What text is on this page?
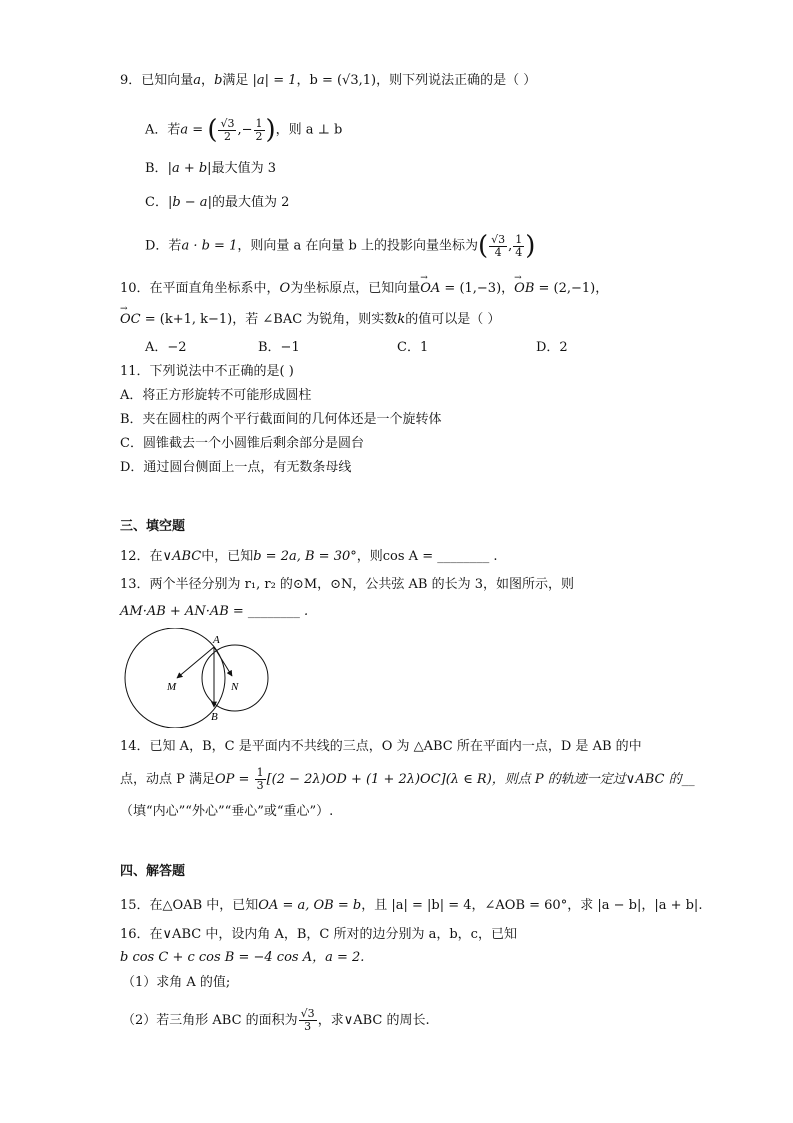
9．已知向量a，b满足 |a| = 1，b = (√3,1)，则下列说法正确的是（ ）
A．若a = ( $\frac{√3}{2}$ ,− $\frac{1}{2}$ )，则 a ⊥ b
B．|a + b|最大值为 3
C．|b − a|的最大值为 2
D．若a · b = 1，则向量 a 在向量 b 上的投影向量坐标为( $\frac{√3}{4}$ , $\frac{1}{4}$ )
10．在平面直角坐标系中，O为坐标原点，已知向量→ OA = (1,−3)，→ OB = (2,−1)，
→ OC = (k+1, k−1)，若 ∠BAC 为锐角，则实数k的值可以是（ ）
A．−2	B．−1	C．1	D．2
11．下列说法中不正确的是( )
A．将正方形旋转不可能形成圆柱
B．夹在圆柱的两个平行截面间的几何体还是一个旋转体
C．圆锥截去一个小圆锥后剩余部分是圆台
D．通过圆台侧面上一点，有无数条母线
三、填空题
12．在∨ABC中，已知b = 2a, B = 30°，则cos A = ________ .
13．两个半径分别为 r₁, r₂ 的⊙M，⊙N，公共弦 AB 的长为 3，如图所示，则
AM·AB + AN·AB = ________ .
A
B
M	N
14．已知 A，B，C 是平面内不共线的三点，O 为 △ABC 所在平面内一点，D 是 AB 的中
点，动点 P 满足OP = $\frac{1}{3} [(2 - 2\lambda)OD + (1 + 2\lambda)OC](\lambda$ ∈ R)，则点 P 的轨迹一定过∨ABC 的__
（填“内心”“外心”“垂心”或“重心”）.
四、解答题
15．在△OAB 中，已知OA = a, OB = b，且 |a| = |b| = 4，∠AOB = 60°，求 |a − b|，|a + b|.
16．在∨ABC 中，设内角 A，B，C 所对的边分别为 a，b，c，已知
b cos C + c cos B = −4 cos A，a = 2.
（1）求角 A 的值;
（2）若三角形 ABC 的面积为 $\frac{√3}{3}$ ，求∨ABC 的周长.
